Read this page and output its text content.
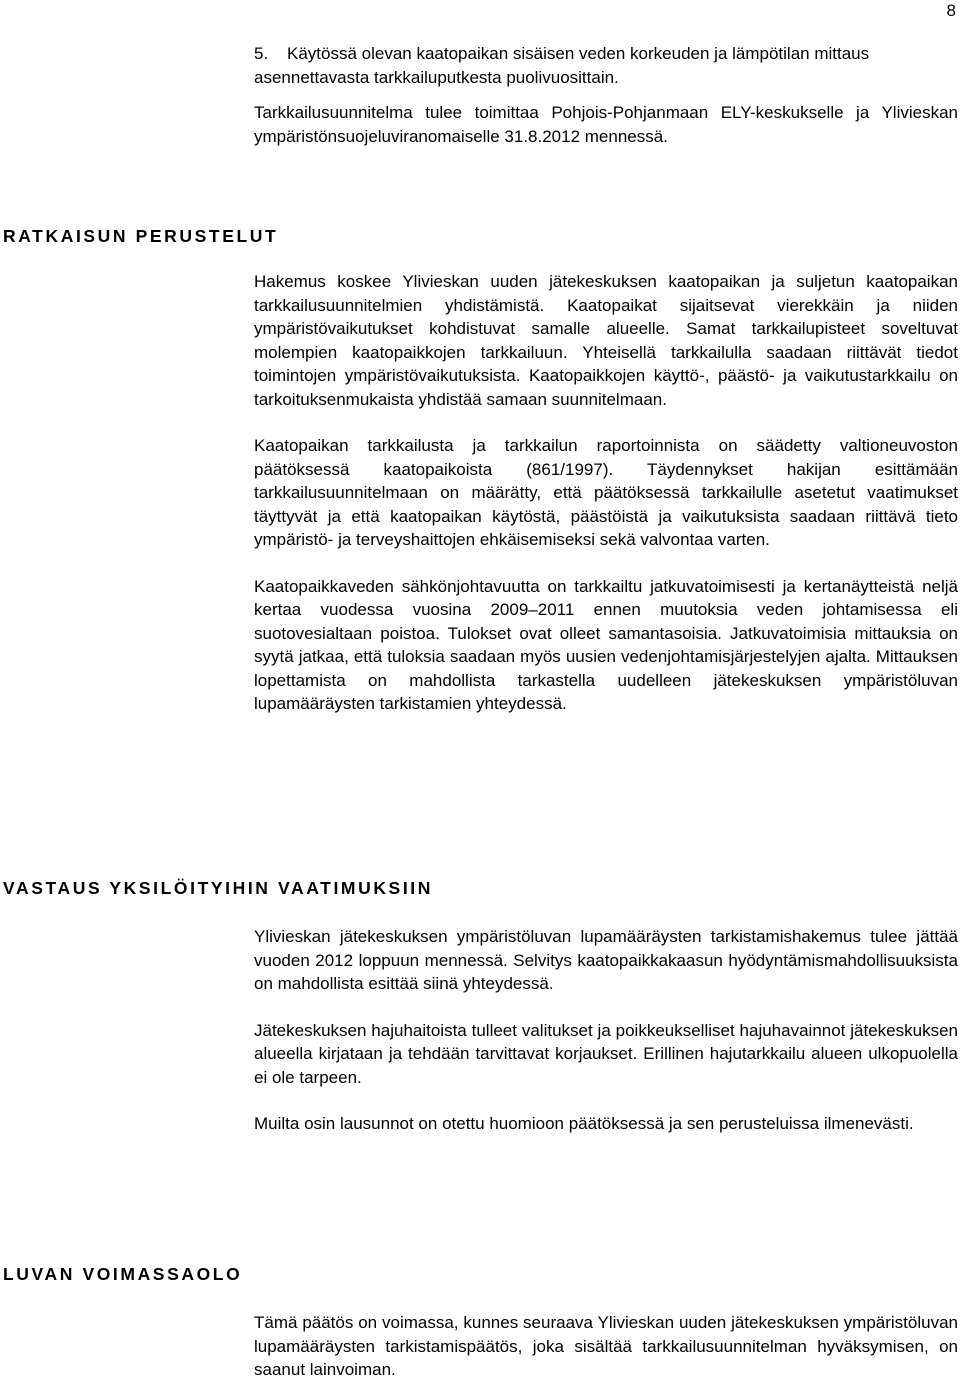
8

5. Käytössä olevan kaatopaikan sisäisen veden korkeuden ja lämpötilan mittaus asennettavasta tarkkailuputkesta puolivuosittain.

Tarkkailusuunnitelma tulee toimittaa Pohjois-Pohjanmaan ELY-keskukselle ja Ylivieskan ympäristönsuojeluviranomaiselle 31.8.2012 mennessä.

RATKAISUN PERUSTELUT

Hakemus koskee Ylivieskan uuden jätekeskuksen kaatopaikan ja suljetun kaatopaikan tarkkailusuunnitelmien yhdistämistä. Kaatopaikat sijaitsevat vierekkäin ja niiden ympäristövaikutukset kohdistuvat samalle alueelle. Samat tarkkailupisteet soveltuvat molempien kaatopaikkojen tarkkailuun. Yhteisellä tarkkailulla saadaan riittävät tiedot toimintojen ympäristövaikutuksista. Kaatopaikkojen käyttö-, päästö- ja vaikutustarkkailu on tarkoituksenmukaista yhdistää samaan suunnitelmaan.

Kaatopaikan tarkkailusta ja tarkkailun raportoinnista on säädetty valtioneuvoston päätöksessä kaatopaikoista (861/1997). Täydennykset hakijan esittämään tarkkailusuunnitelmaan on määrätty, että päätöksessä tarkkailulle asetetut vaatimukset täyttyvät ja että kaatopaikan käytöstä, päästöistä ja vaikutuksista saadaan riittävä tieto ympäristö- ja terveyshaittojen ehkäisemiseksi sekä valvontaa varten.

Kaatopaikkaveden sähkönjohtavuutta on tarkkailtu jatkuvatoimisesti ja kertanäytteistä neljä kertaa vuodessa vuosina 2009–2011 ennen muutoksia veden johtamisessa eli suotovesialtaan poistoa. Tulokset ovat olleet samantasoisia. Jatkuvatoimisia mittauksia on syytä jatkaa, että tuloksia saadaan myös uusien vedenjohtamisjärjestelyjen ajalta. Mittauksen lopettamista on mahdollista tarkastella uudelleen jätekeskuksen ympäristöluvan lupamääräysten tarkistamien yhteydessä.

VASTAUS YKSILÖITYIHIN VAATIMUKSIIN

Ylivieskan jätekeskuksen ympäristöluvan lupamääräysten tarkistamishakemus tulee jättää vuoden 2012 loppuun mennessä. Selvitys kaatopaikkakaasun hyödyntämismahdollisuuksista on mahdollista esittää siinä yhteydessä.

Jätekeskuksen hajuhaitoista tulleet valitukset ja poikkeukselliset hajuhavainnot jätekeskuksen alueella kirjataan ja tehdään tarvittavat korjaukset. Erillinen hajutarkkailu alueen ulkopuolella ei ole tarpeen.

Muilta osin lausunnot on otettu huomioon päätöksessä ja sen perusteluissa ilmenevästi.

LUVAN VOIMASSAOLO

Tämä päätös on voimassa, kunnes seuraava Ylivieskan uuden jätekeskuksen ympäristöluvan lupamääräysten tarkistamispäätös, joka sisältää tarkkailusuunnitelman hyväksymisen, on saanut lainvoiman.
